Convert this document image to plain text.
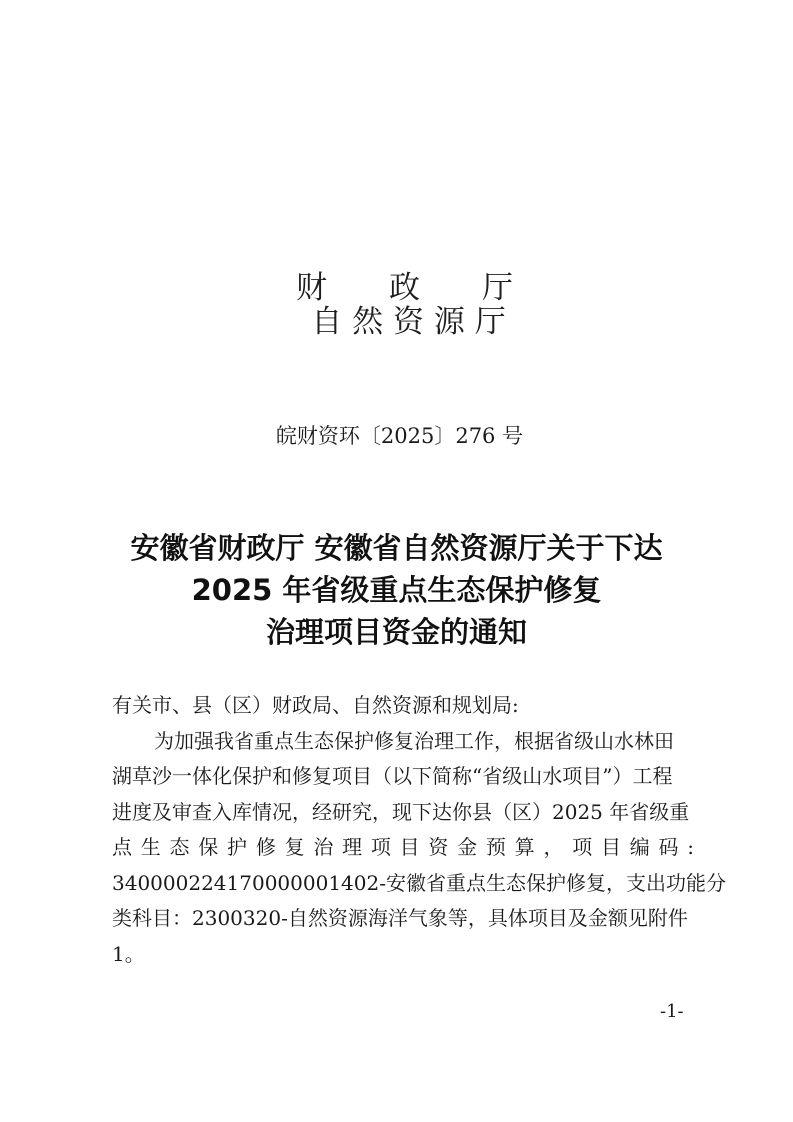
财　　政　　厅
自 然 资 源 厅
皖财资环〔2025〕276 号
安徽省财政厅 安徽省自然资源厅关于下达
2025 年省级重点生态保护修复
治理项目资金的通知
有关市、县（区）财政局、自然资源和规划局:
为加强我省重点生态保护修复治理工作，根据省级山水林田
湖草沙一体化保护和修复项目（以下简称“省级山水项目”）工程
进度及审查入库情况，经研究，现下达你县（区）2025 年省级重
点 生 态 保 护 修 复 治 理 项 目 资 金 预 算 ， 项 目 编 码 :
34000022417000000140​2-安徽省重点生态保护修复，支出功能分
类科目：2300320-自然资源海洋气象等，具体项目及金额见附件
1。
-1-
